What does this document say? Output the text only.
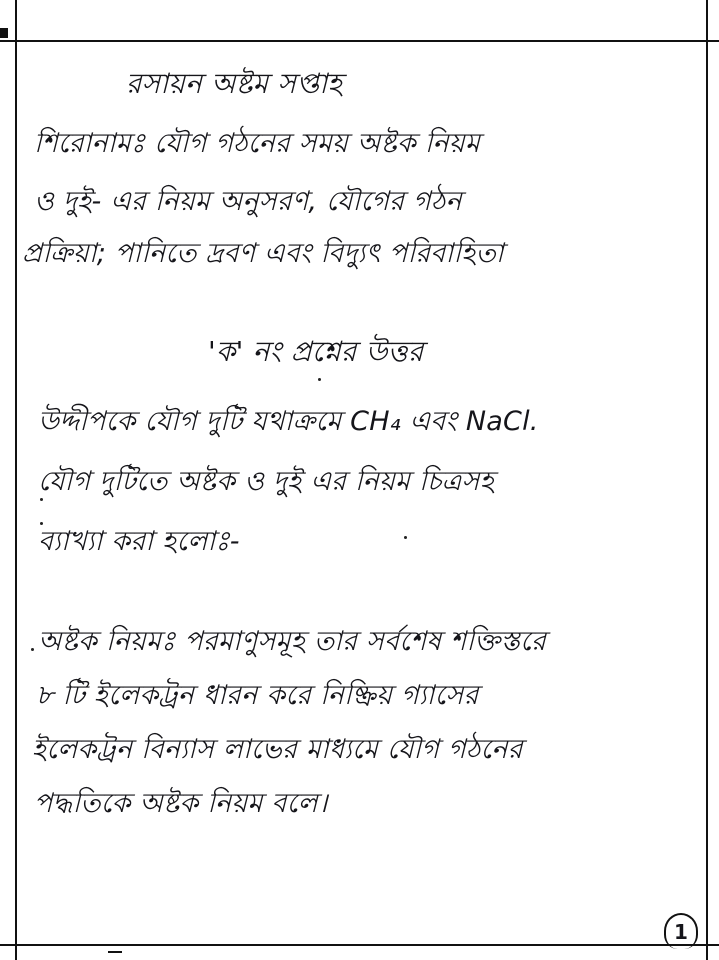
রসায়ন অষ্টম সপ্তাহ
শিরোনামঃ যৌগ গঠনের সময় অষ্টক নিয়ম
ও দুই- এর নিয়ম অনুসরণ, যৌগের গঠন
প্রক্রিয়া; পানিতে দ্রবণ এবং বিদ্যুৎ পরিবাহিতা
'ক' নং প্রশ্নের উত্তর
উদ্দীপকে যৌগ দুটি যথাক্রমে CH₄ এবং NaCl.
যৌগ দুটিতে অষ্টক ও দুই এর নিয়ম চিত্রসহ
ব্যাখ্যা করা হলোঃ-
অষ্টক নিয়মঃ পরমাণুসমূহ তার সর্বশেষ শক্তিস্তরে
৮ টি ইলেকট্রন ধারন করে নিষ্ক্রিয় গ্যাসের
ইলেকট্রন বিন্যাস লাভের মাধ্যমে যৌগ গঠনের
পদ্ধতিকে অষ্টক নিয়ম বলে।
1
